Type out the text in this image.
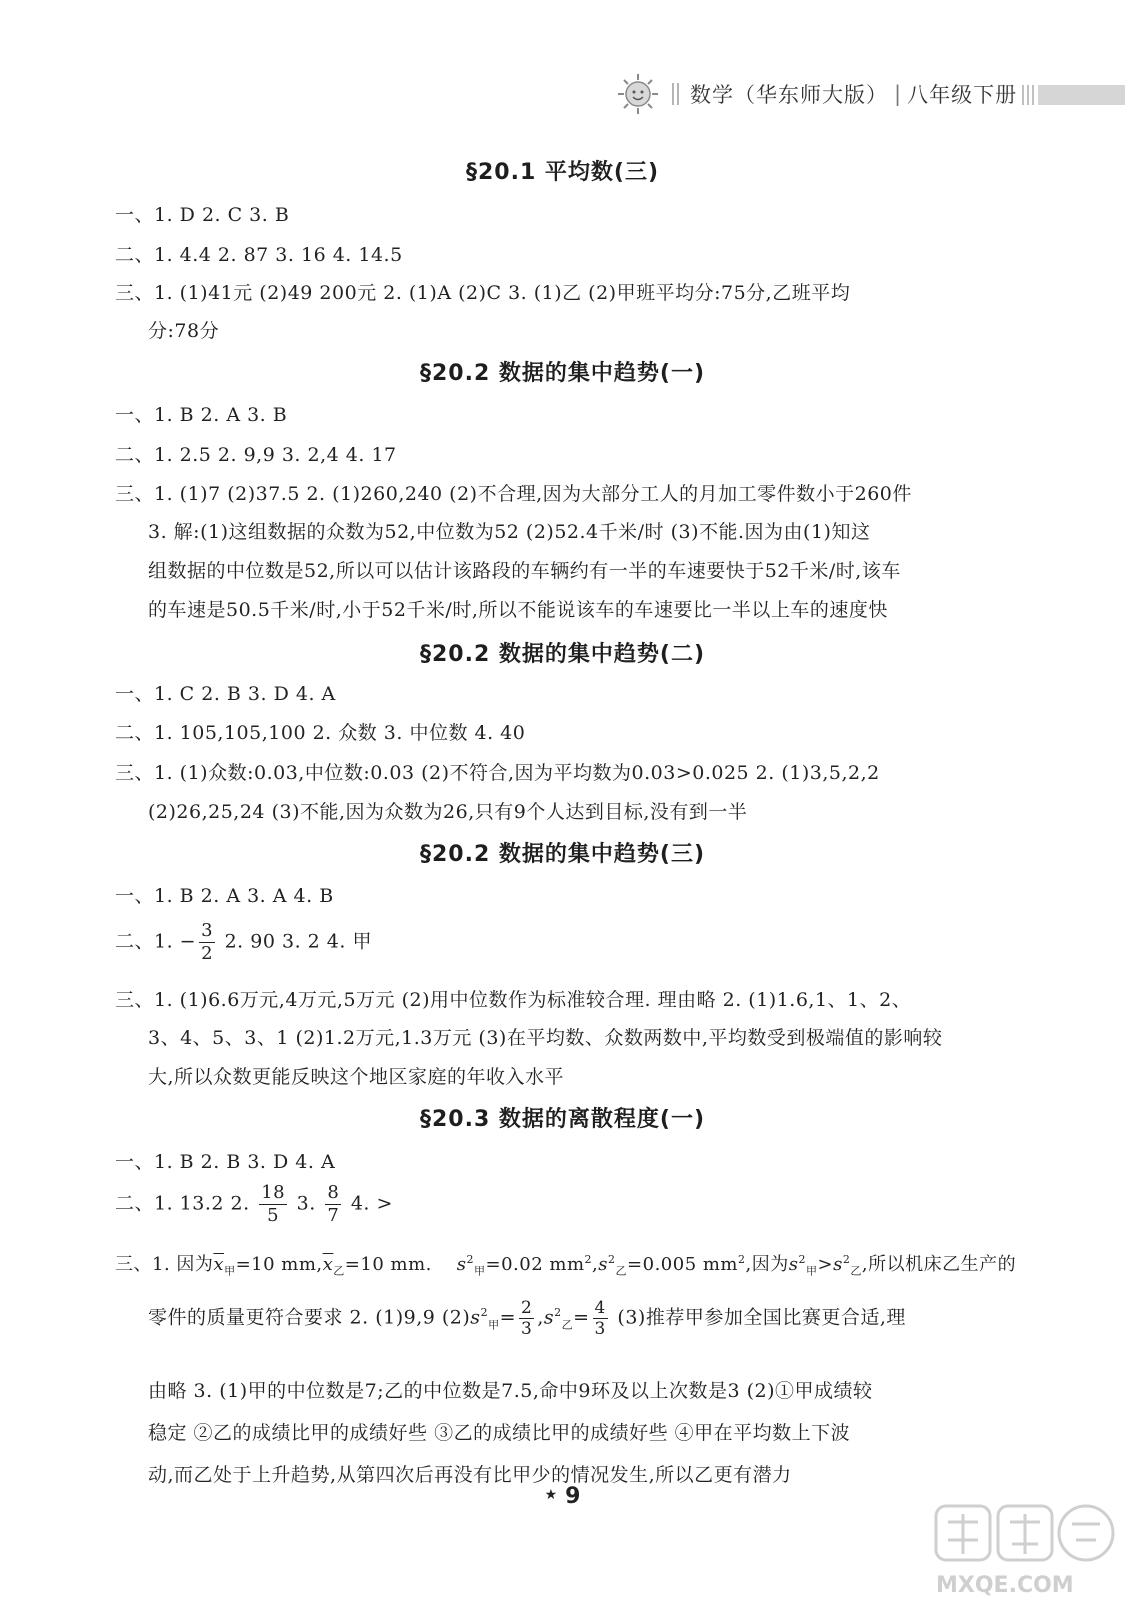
数学（华东师大版） | 八年级下册
§20.1 平均数(三)
一、1. D 2. C 3. B
二、1. 4.4 2. 87 3. 16 4. 14.5
三、1. (1)41元 (2)49 200元 2. (1)A (2)C 3. (1)乙 (2)甲班平均分:75分,乙班平均
分:78分
§20.2 数据的集中趋势(一)
一、1. B 2. A 3. B
二、1. 2.5 2. 9,9 3. 2,4 4. 17
三、1. (1)7 (2)37.5 2. (1)260,240 (2)不合理,因为大部分工人的月加工零件数小于260件
3. 解:(1)这组数据的众数为52,中位数为52 (2)52.4千米/时 (3)不能.因为由(1)知这
组数据的中位数是52,所以可以估计该路段的车辆约有一半的车速要快于52千米/时,该车
的车速是50.5千米/时,小于52千米/时,所以不能说该车的车速要比一半以上车的速度快
§20.2 数据的集中趋势(二)
一、1. C 2. B 3. D 4. A
二、1. 105,105,100 2. 众数 3. 中位数 4. 40
三、1. (1)众数:0.03,中位数:0.03 (2)不符合,因为平均数为0.03>0.025 2. (1)3,5,2,2
(2)26,25,24 (3)不能,因为众数为26,只有9个人达到目标,没有到一半
§20.2 数据的集中趋势(三)
一、1. B 2. A 3. A 4. B
二、1. − $\frac{3}{2} 2$. 90 3. 2 4. 甲
三、1. (1)6.6万元,4万元,5万元 (2)用中位数作为标准较合理. 理由略 2. (1)1.6,1、1、2、
3、4、5、3、1 (2)1.2万元,1.3万元 (3)在平均数、众数两数中,平均数受到极端值的影响较
大,所以众数更能反映这个地区家庭的年收入水平
§20.3 数据的离散程度(一)
一、1. B 2. B 3. D 4. A
二、1. 13.2 2. $\frac{18}{5} 3$. $\frac{8}{7} 4$. >
三、1. 因为$\overline{x}_甲=10$ $mm,\overline{x}_乙=10$ mm. $s^2_甲=0.02$ $mm^2,s^2_乙=0.005$ $mm^2$,因为$s^2_甲>s^2_乙$,所以机床乙生产的
零件的质量更符合要求 2. (1)9,9 $(2)s^2_甲= \frac{2}{3} ,s^2_乙= \frac{4}{3} (3)$推荐甲参加全国比赛更合适,理
由略 3. (1)甲的中位数是7;乙的中位数是7.5,命中9环及以上次数是3 (2)①甲成绩较
稳定 ②乙的成绩比甲的成绩好些 ③乙的成绩比甲的成绩好些 ④甲在平均数上下波
动,而乙处于上升趋势,从第四次后再没有比甲少的情况发生,所以乙更有潜力
★ 9
MXQE.COM
